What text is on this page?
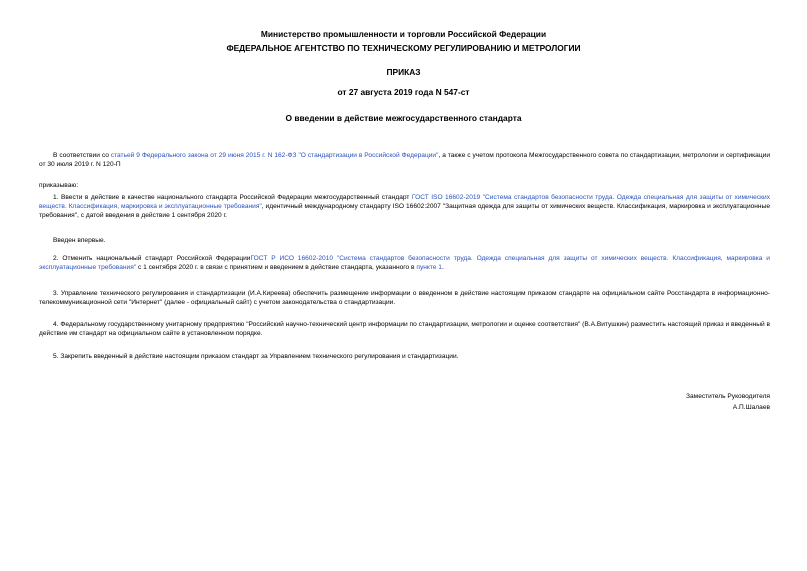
Министерство промышленности и торговли Российской Федерации
ФЕДЕРАЛЬНОЕ АГЕНТСТВО ПО ТЕХНИЧЕСКОМУ РЕГУЛИРОВАНИЮ И МЕТРОЛОГИИ
ПРИКАЗ
от 27 августа 2019 года N 547-ст
О введении в действие межгосударственного стандарта
В соответствии со статьей 9 Федерального закона от 29 июня 2015 г. N 162-ФЗ "О стандартизации в Российской Федерации", а также с учетом протокола Межгосударственного совета по стандартизации, метрологии и сертификации от 30 июля 2019 г. N 120-П
приказываю:
1. Ввести в действие в качестве национального стандарта Российской Федерации межгосударственный стандарт ГОСТ ISO 16602-2019 "Система стандартов безопасности труда. Одежда специальная для защиты от химических веществ. Классификация, маркировка и эксплуатационные требования", идентичный международному стандарту ISO 16602:2007 "Защитная одежда для защиты от химических веществ. Классификация, маркировка и эксплуатационные требования", с датой введения в действие 1 сентября 2020 г.
Введен впервые.
2. Отменить национальный стандарт Российской ФедерацииГОСТ Р ИСО 16602-2010 "Система стандартов безопасности труда. Одежда специальная для защиты от химических веществ. Классификация, маркировка и эксплуатационные требования" с 1 сентября 2020 г. в связи с принятием и введением в действие стандарта, указанного в пункте 1.
3. Управление технического регулирования и стандартизации (И.А.Киреева) обеспечить размещение информации о введенном в действие настоящим приказом стандарте на официальном сайте Росстандарта в информационно-телекоммуникационной сети "Интернет" (далее - официальный сайт) с учетом законодательства о стандартизации.
4. Федеральному государственному унитарному предприятию "Российский научно-технический центр информации по стандартизации, метрологии и оценке соответствия" (В.А.Витушкин) разместить настоящий приказ и введенный в действие им стандарт на официальном сайте в установленном порядке.
5. Закрепить введенный в действие настоящим приказом стандарт за Управлением технического регулирования и стандартизации.
Заместитель Руководителя
А.П.Шалаев
